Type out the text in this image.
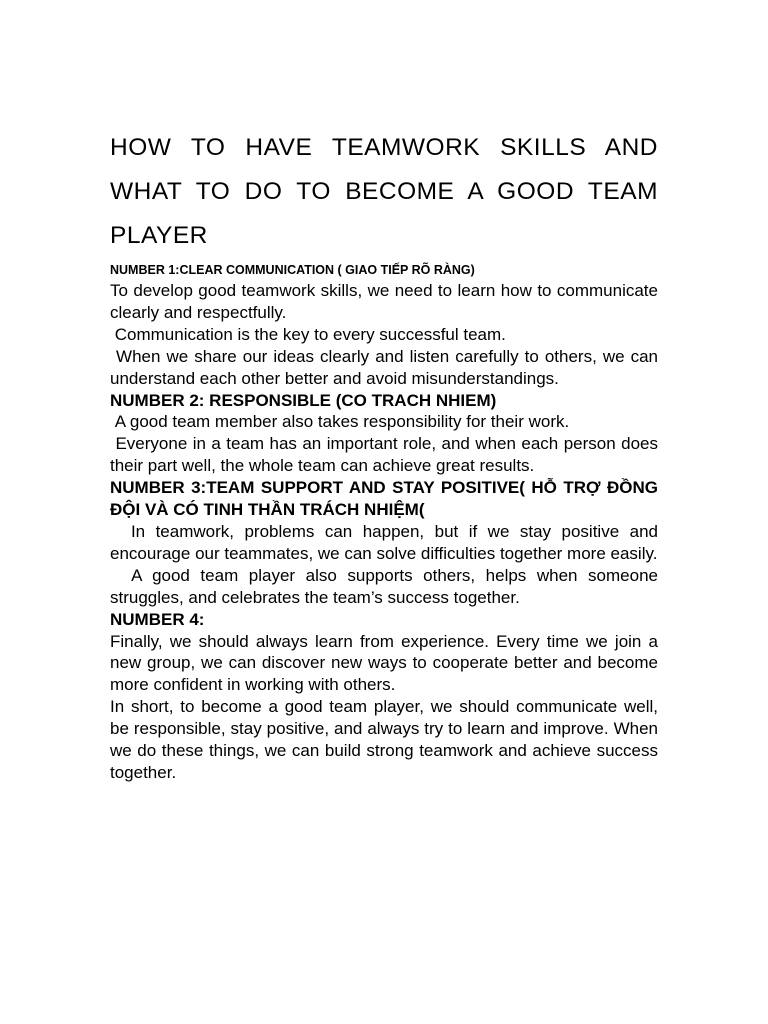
HOW TO HAVE TEAMWORK SKILLS AND WHAT TO DO TO BECOME A GOOD TEAM PLAYER
NUMBER 1:CLEAR COMMUNICATION ( GIAO TIẾP RÕ RÀNG)

To develop good teamwork skills, we need to learn how to communicate clearly and respectfully.

Communication is the key to every successful team.

When we share our ideas clearly and listen carefully to others, we can understand each other better and avoid misunderstandings.

NUMBER 2: RESPONSIBLE (CO TRACH NHIEM)

A good team member also takes responsibility for their work.

Everyone in a team has an important role, and when each person does their part well, the whole team can achieve great results.

NUMBER 3:TEAM SUPPORT AND STAY POSITIVE( HỖ TRỢ ĐỒNG ĐỘI VÀ CÓ TINH THẦN TRÁCH NHIỆM(

In teamwork, problems can happen, but if we stay positive and encourage our teammates, we can solve difficulties together more easily.

A good team player also supports others, helps when someone struggles, and celebrates the team’s success together.

NUMBER 4:

Finally, we should always learn from experience. Every time we join a new group, we can discover new ways to cooperate better and become more confident in working with others.

In short, to become a good team player, we should communicate well, be responsible, stay positive, and always try to learn and improve. When we do these things, we can build strong teamwork and achieve success together.
